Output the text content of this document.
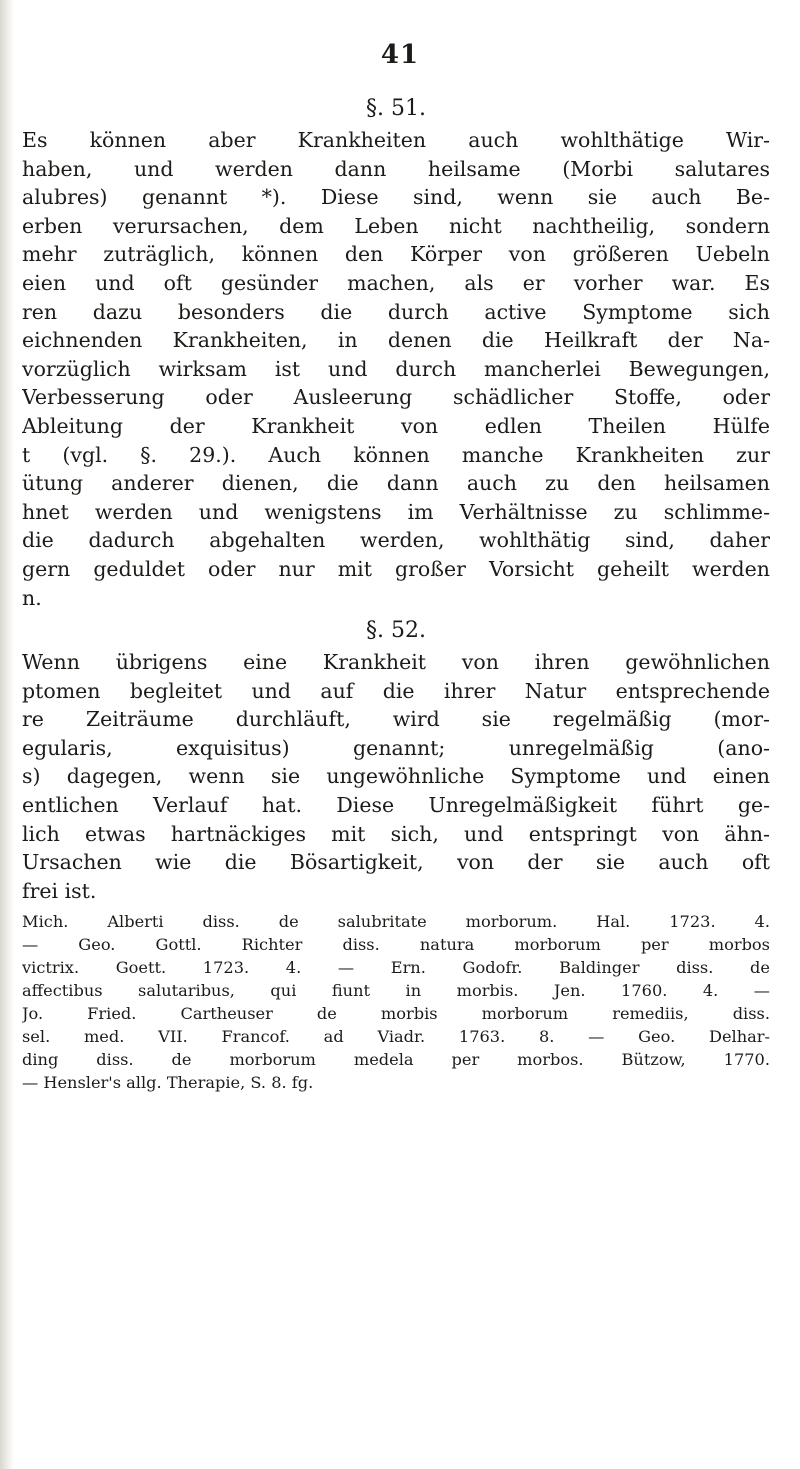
41
§. 51.
Es können aber Krankheiten auch wohlthätige Wir-
haben, und werden dann heilsame (Morbi salutares
alubres) genannt *). Diese sind, wenn sie auch Be-
erben verursachen, dem Leben nicht nachtheilig, sondern
mehr zuträglich, können den Körper von größeren Uebeln
eien und oft gesünder machen, als er vorher war. Es
ren dazu besonders die durch active Symptome sich
eichnenden Krankheiten, in denen die Heilkraft der Na-
vorzüglich wirksam ist und durch mancherlei Bewegungen,
Verbesserung oder Ausleerung schädlicher Stoffe, oder
Ableitung der Krankheit von edlen Theilen Hülfe
t (vgl. §. 29.). Auch können manche Krankheiten zur
ütung anderer dienen, die dann auch zu den heilsamen
hnet werden und wenigstens im Verhältnisse zu schlimme-
die dadurch abgehalten werden, wohlthätig sind, daher
gern geduldet oder nur mit großer Vorsicht geheilt werden
n.
§. 52.
Wenn übrigens eine Krankheit von ihren gewöhnlichen
ptomen begleitet und auf die ihrer Natur entsprechende
re Zeiträume durchläuft, wird sie regelmäßig (mor-
egularis, exquisitus) genannt; unregelmäßig (ano-
s) dagegen, wenn sie ungewöhnliche Symptome und einen
entlichen Verlauf hat. Diese Unregelmäßigkeit führt ge-
lich etwas hartnäckiges mit sich, und entspringt von ähn-
Ursachen wie die Bösartigkeit, von der sie auch oft
frei ist.
Mich. Alberti diss. de salubritate morborum. Hal. 1723. 4.
— Geo. Gottl. Richter diss. natura morborum per morbos
victrix. Goett. 1723. 4. — Ern. Godofr. Baldinger diss. de
affectibus salutaribus, qui fiunt in morbis. Jen. 1760. 4. —
Jo. Fried. Cartheuser de morbis morborum remediis, diss.
sel. med. VII. Francof. ad Viadr. 1763. 8. — Geo. Delhar-
ding diss. de morborum medela per morbos. Bützow, 1770.
— Hensler's allg. Therapie, S. 8. fg.
